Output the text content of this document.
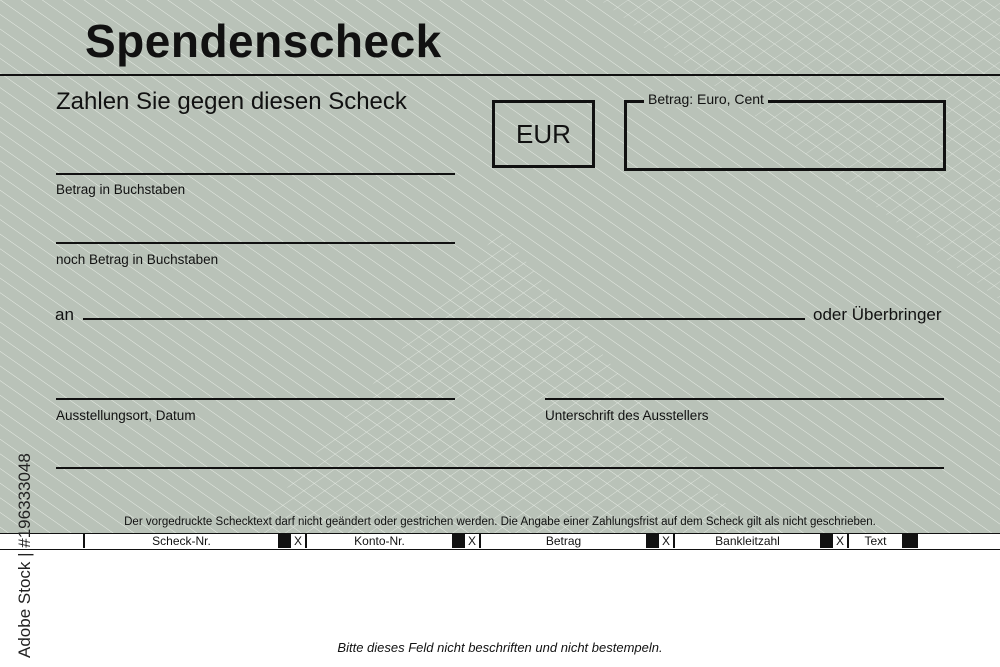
Spendenscheck
Zahlen Sie gegen diesen Scheck
EUR
Betrag: Euro, Cent
Betrag in Buchstaben
noch Betrag in Buchstaben
an	oder Überbringer
Ausstellungsort, Datum	Unterschrift des Ausstellers
Der vorgedruckte Schecktext darf nicht geändert oder gestrichen werden. Die Angabe einer Zahlungsfrist auf dem Scheck gilt als nicht geschrieben.
Scheck-Nr.	X	Konto-Nr.	X	Betrag	X	Bankleitzahl	X	Text
Bitte dieses Feld nicht beschriften und nicht bestempeln.
Adobe Stock | #196333048
